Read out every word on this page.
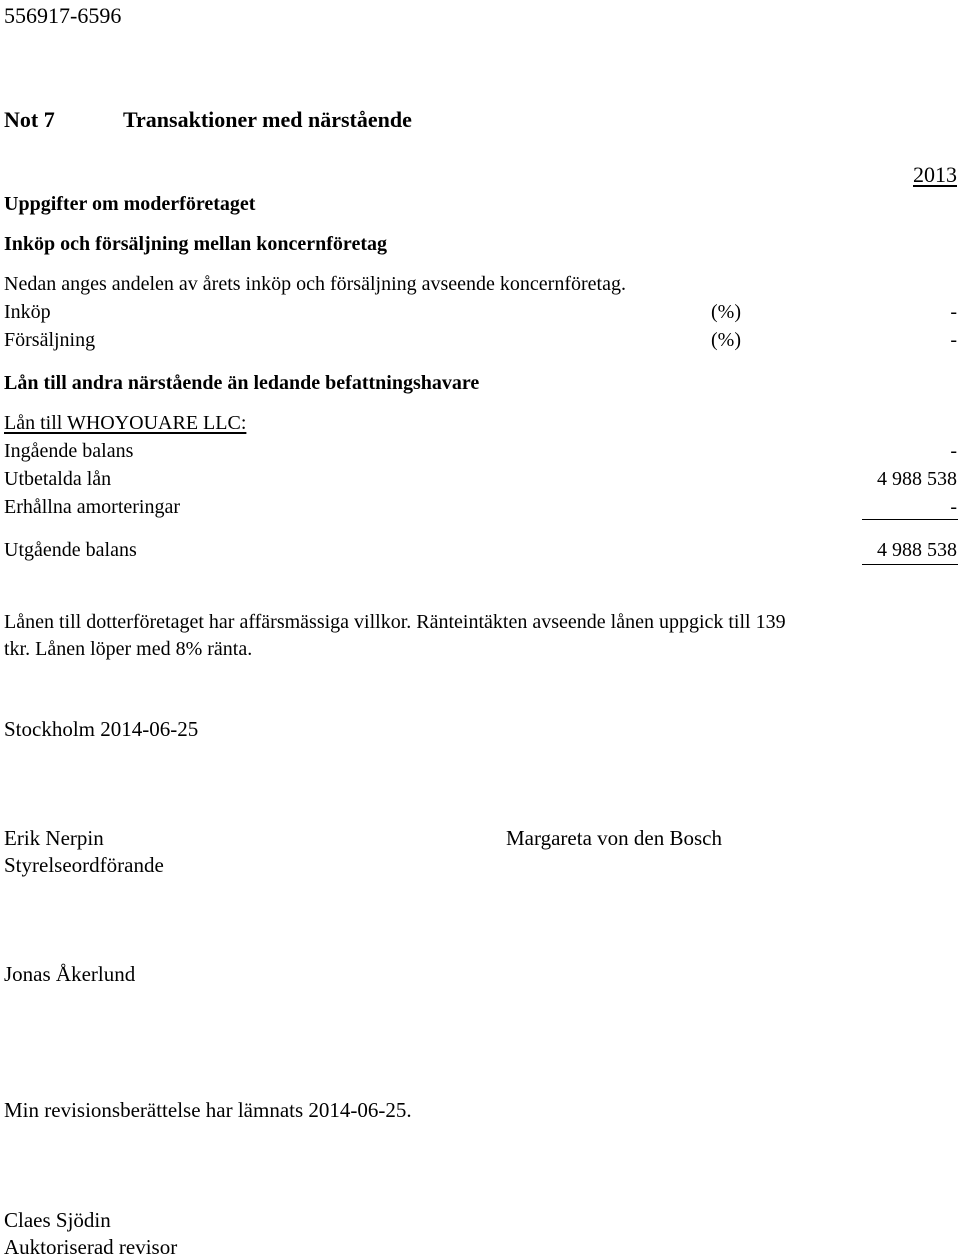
556917-6596
Not 7	Transaktioner med närstående
2013
Uppgifter om moderföretaget
Inköp och försäljning mellan koncernföretag
Nedan anges andelen av årets inköp och försäljning avseende koncernföretag.
Inköp	(%)	-
Försäljning	(%)	-
Lån till andra närstående än ledande befattningshavare
Lån till WHOYOUARE LLC:
Ingående balans	-
Utbetalda lån	4 988 538
Erhållna amorteringar	-
Utgående balans	4 988 538
Lånen till dotterföretaget har affärsmässiga villkor. Ränteintäkten avseende lånen uppgick till 139
tkr. Lånen löper med 8% ränta.
Stockholm 2014-06-25
Erik Nerpin
Styrelseordförande
Margareta von den Bosch
Jonas Åkerlund
Min revisionsberättelse har lämnats 2014-06-25.
Claes Sjödin
Auktoriserad revisor
